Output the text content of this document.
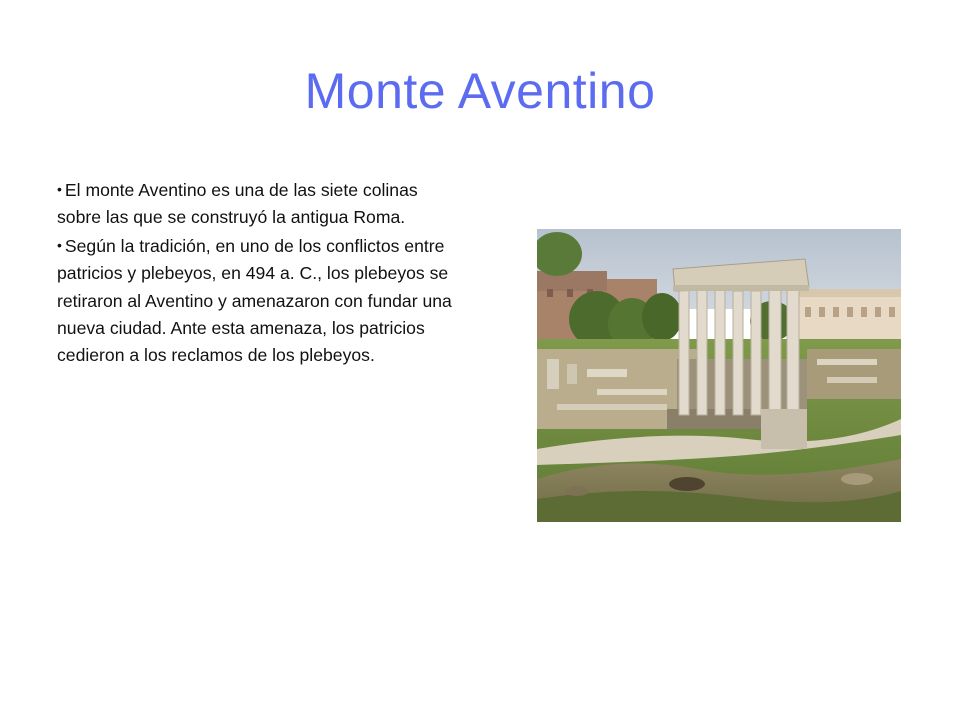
Monte Aventino

• El monte Aventino es una de las siete colinas sobre las que se construyó la antigua Roma.

• Según la tradición, en uno de los conflictos entre patricios y plebeyos, en 494 a. C., los plebeyos se retiraron al Aventino y amenazaron con fundar una nueva ciudad. Ante esta amenaza, los patricios cedieron a los reclamos de los plebeyos.
